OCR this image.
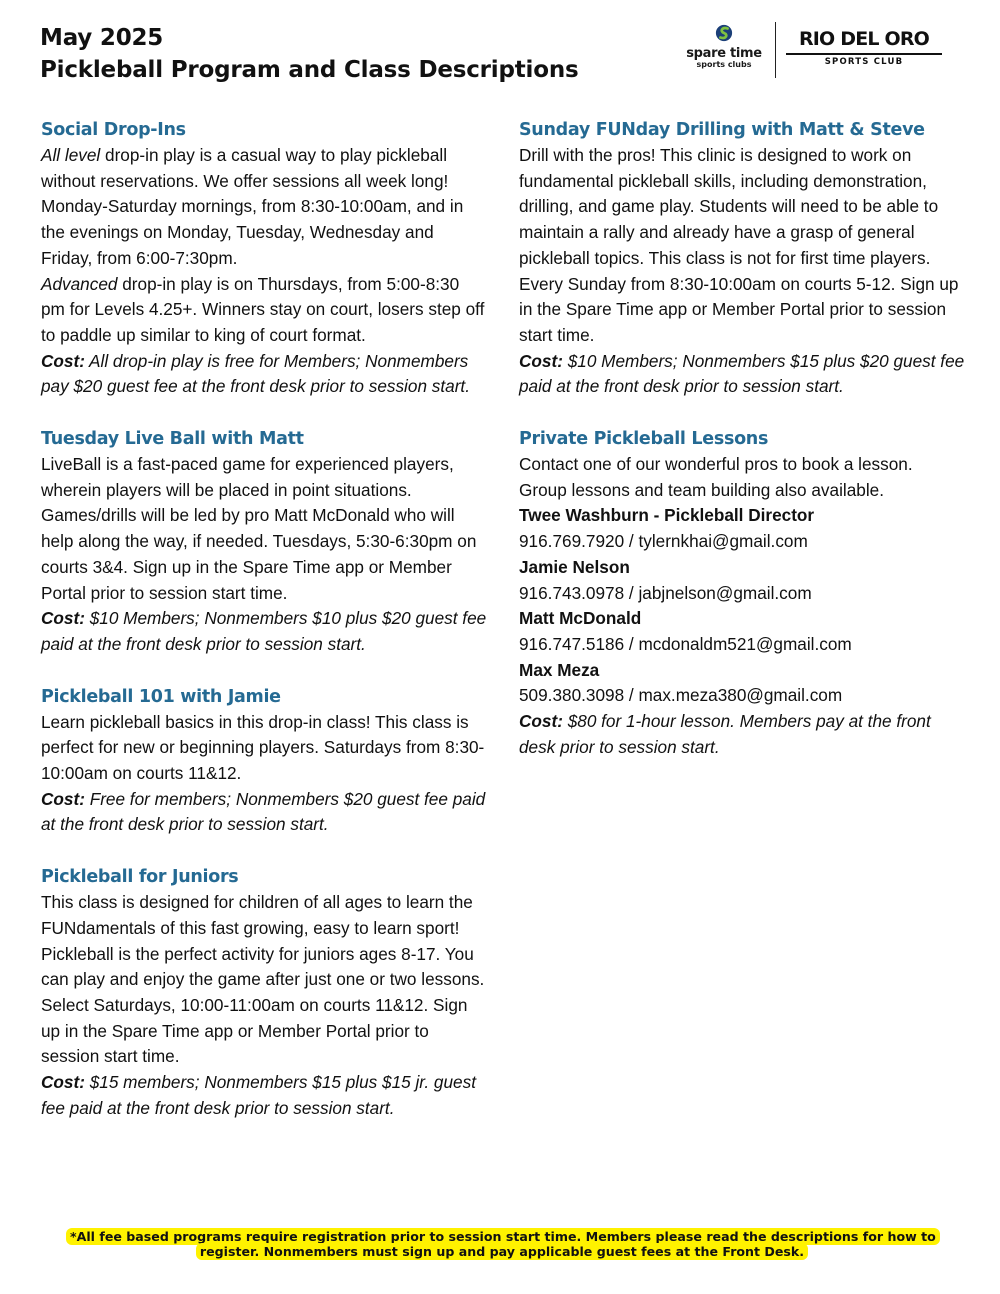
May 2025
Pickleball Program and Class Descriptions
spare time
sports clubs
RIO DEL ORO
SPORTS CLUB
Social Drop-Ins

All level drop-in play is a casual way to play pickleball without reservations. We offer sessions all week long! Monday-Saturday mornings, from 8:30-10:00am, and in the evenings on Monday, Tuesday, Wednesday and Friday, from 6:00-7:30pm.

Advanced drop-in play is on Thursdays, from 5:00-8:30 pm for Levels 4.25+. Winners stay on court, losers step off to paddle up similar to king of court format.

Cost: All drop-in play is free for Members; Nonmembers pay $20 guest fee at the front desk prior to session start.

Tuesday Live Ball with Matt

LiveBall is a fast-paced game for experienced players, wherein players will be placed in point situations. Games/drills will be led by pro Matt McDonald who will help along the way, if needed. Tuesdays, 5:30-6:30pm on courts 3&4. Sign up in the Spare Time app or Member Portal prior to session start time.

Cost: $10 Members; Nonmembers $10 plus $20 guest fee paid at the front desk prior to session start.

Pickleball 101 with Jamie

Learn pickleball basics in this drop-in class! This class is perfect for new or beginning players. Saturdays from 8:30-10:00am on courts 11&12.

Cost: Free for members; Nonmembers $20 guest fee paid at the front desk prior to session start.

Pickleball for Juniors

This class is designed for children of all ages to learn the FUNdamentals of this fast growing, easy to learn sport! Pickleball is the perfect activity for juniors ages 8-17. You can play and enjoy the game after just one or two lessons. Select Saturdays, 10:00-11:00am on courts 11&12. Sign up in the Spare Time app or Member Portal prior to session start time.

Cost: $15 members; Nonmembers $15 plus $15 jr. guest fee paid at the front desk prior to session start.

Sunday FUNday Drilling with Matt & Steve

Drill with the pros! This clinic is designed to work on fundamental pickleball skills, including demonstration, drilling, and game play. Students will need to be able to maintain a rally and already have a grasp of general pickleball topics. This class is not for first time players.

Every Sunday from 8:30-10:00am on courts 5-12. Sign up in the Spare Time app or Member Portal prior to session start time.

Cost: $10 Members; Nonmembers $15 plus $20 guest fee paid at the front desk prior to session start.

Private Pickleball Lessons

Contact one of our wonderful pros to book a lesson. Group lessons and team building also available.

Twee Washburn - Pickleball Director

916.769.7920 / tylernkhai@gmail.com

Jamie Nelson

916.743.0978 / jabjnelson@gmail.com

Matt McDonald

916.747.5186 / mcdonaldm521@gmail.com

Max Meza

509.380.3098 / max.meza380@gmail.com

Cost: $80 for 1-hour lesson. Members pay at the front desk prior to session start.

*All fee based programs require registration prior to session start time. Members please read the descriptions for how to register. Nonmembers must sign up and pay applicable guest fees at the Front Desk.
